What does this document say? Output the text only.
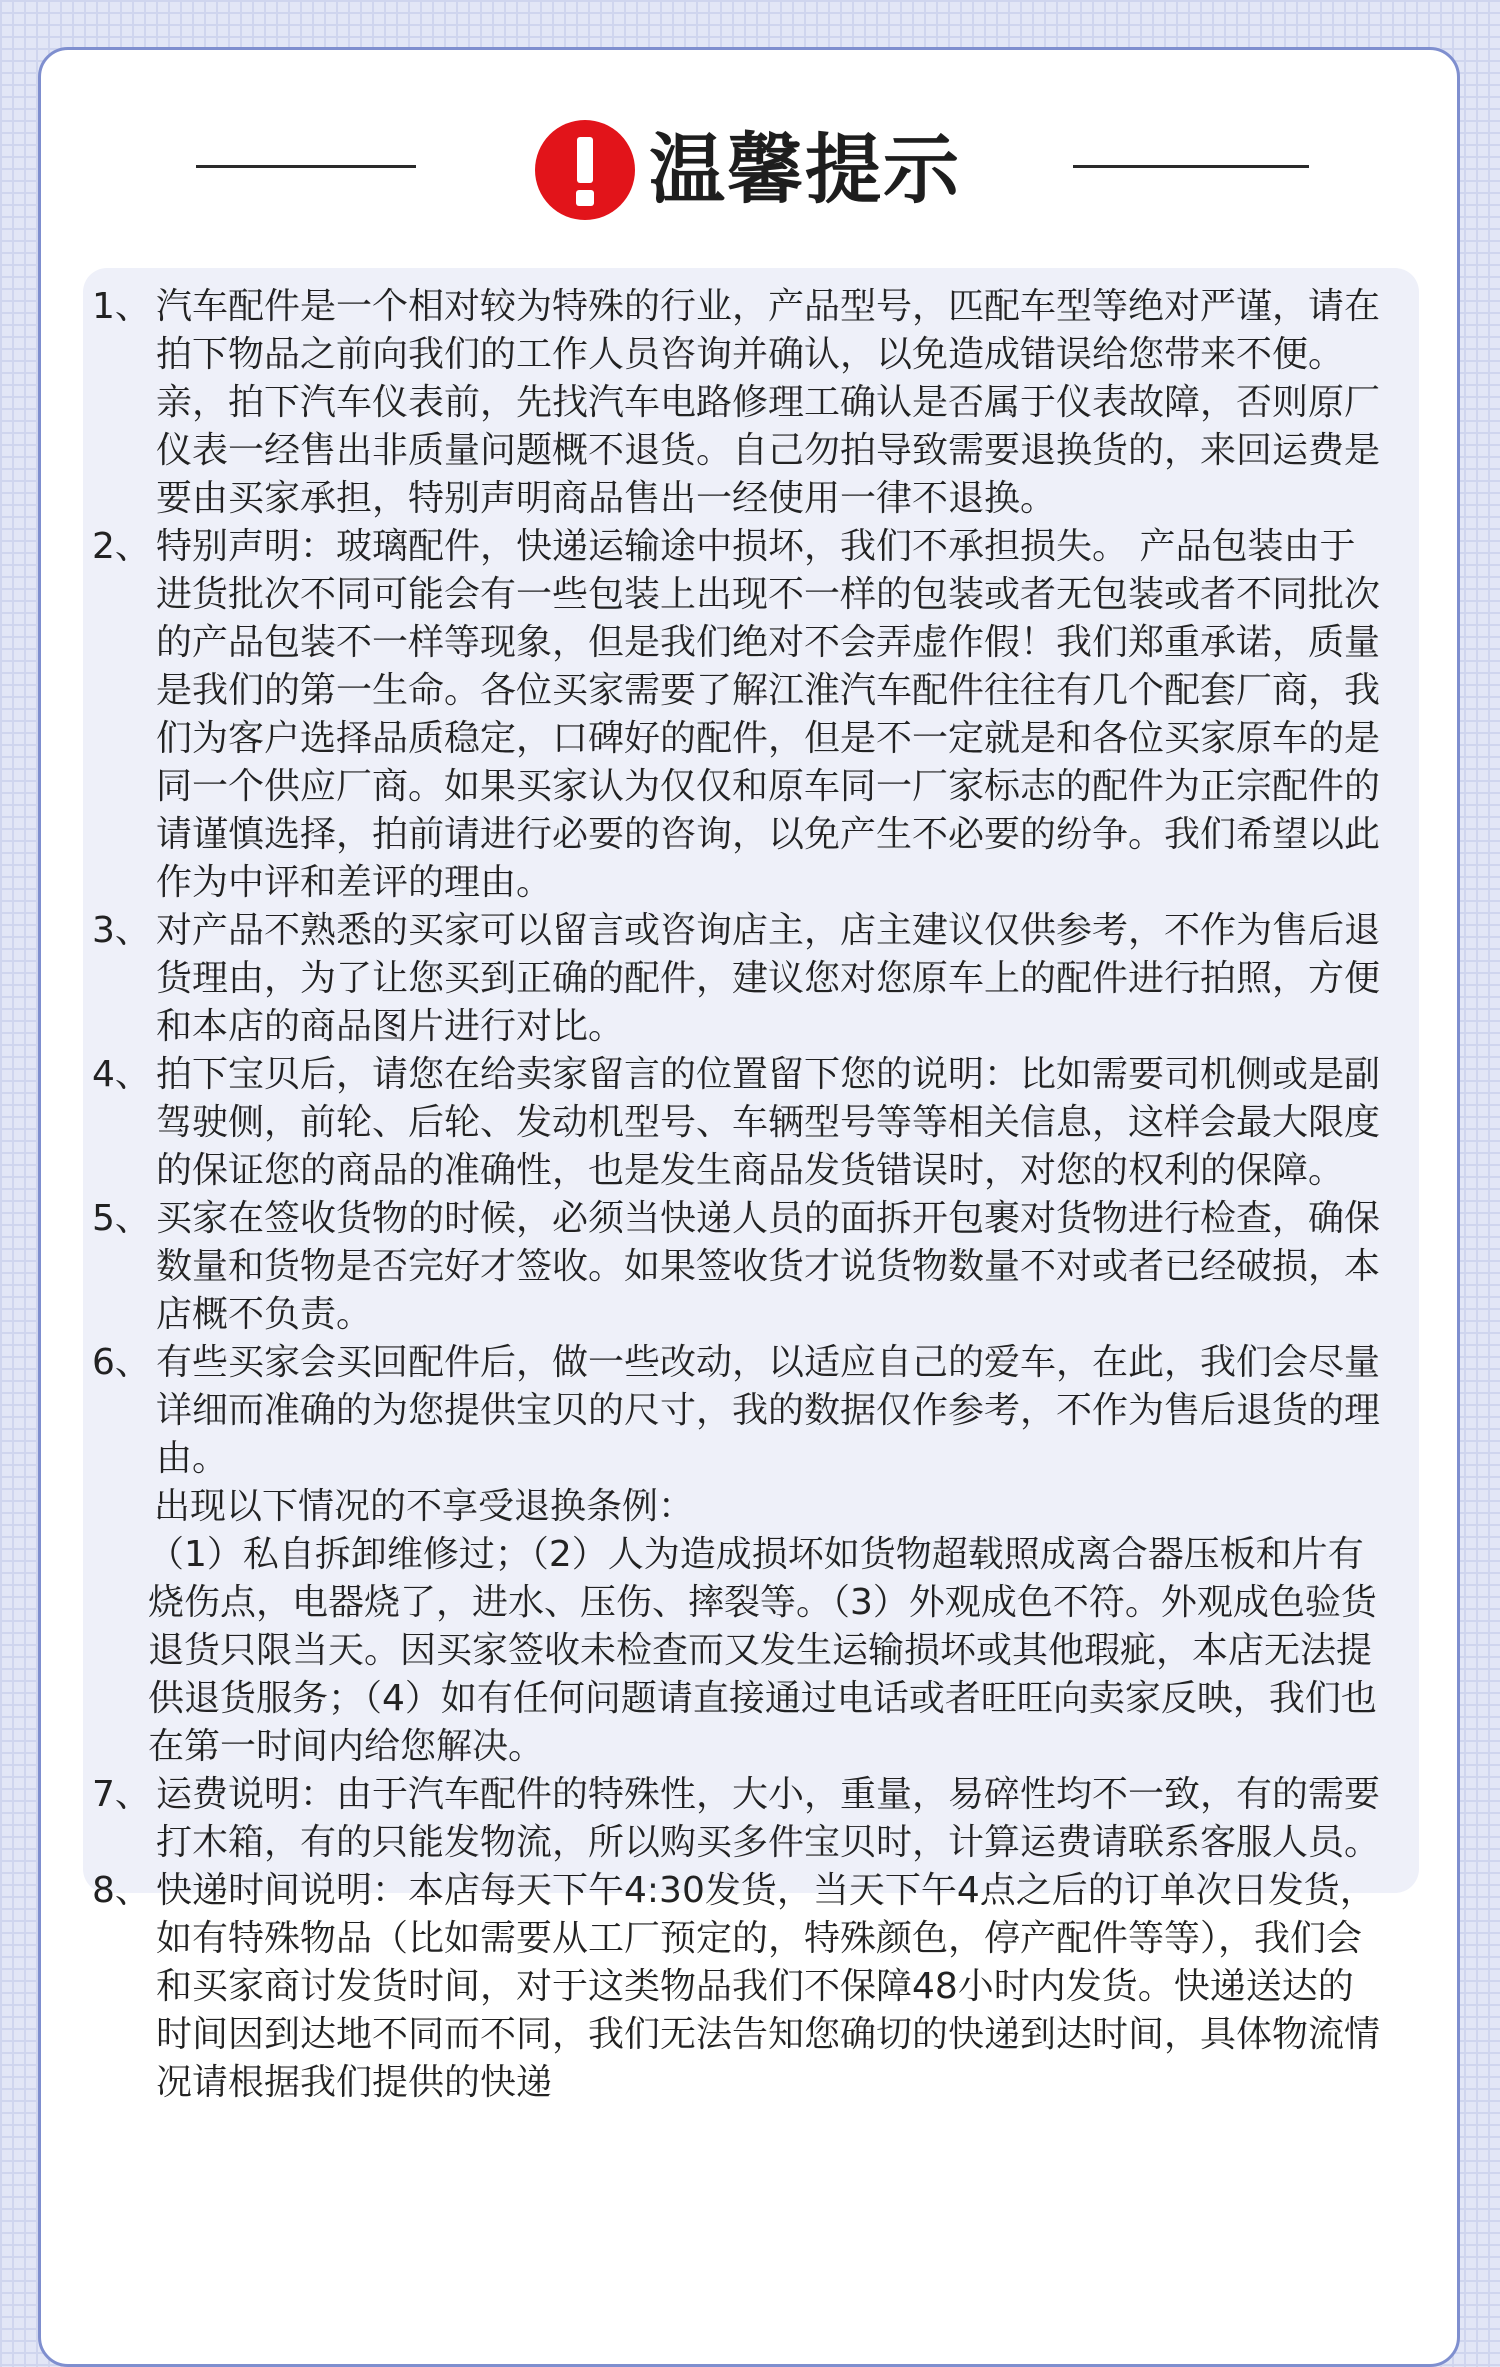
温馨提示
1、 汽车配件是一个相对较为特殊的行业，产品型号，匹配车型等绝对严谨，请在拍下物品之前向我们的工作人员咨询并确认，以免造成错误给您带来不便。亲，拍下汽车仪表前，先找汽车电路修理工确认是否属于仪表故障，否则原厂仪表一经售出非质量问题概不退货。自己勿拍导致需要退换货的，来回运费是要由买家承担，特别声明商品售出一经使用一律不退换。
2、 特别声明：玻璃配件，快递运输途中损坏，我们不承担损失。 产品包装由于进货批次不同可能会有一些包装上出现不一样的包装或者无包装或者不同批次的产品包装不一样等现象，但是我们绝对不会弄虚作假！我们郑重承诺，质量是我们的第一生命。各位买家需要了解江淮汽车配件往往有几个配套厂商，我们为客户选择品质稳定，口碑好的配件，但是不一定就是和各位买家原车的是同一个供应厂商。如果买家认为仅仅和原车同一厂家标志的配件为正宗配件的请谨慎选择，拍前请进行必要的咨询，以免产生不必要的纷争。我们希望以此作为中评和差评的理由。
3、 对产品不熟悉的买家可以留言或咨询店主，店主建议仅供参考，不作为售后退货理由，为了让您买到正确的配件，建议您对您原车上的配件进行拍照，方便和本店的商品图片进行对比。
4、 拍下宝贝后，请您在给卖家留言的位置留下您的说明：比如需要司机侧或是副驾驶侧，前轮、后轮、发动机型号、车辆型号等等相关信息，这样会最大限度的保证您的商品的准确性，也是发生商品发货错误时，对您的权利的保障。
5、 买家在签收货物的时候，必须当快递人员的面拆开包裹对货物进行检查，确保数量和货物是否完好才签收。如果签收货才说货物数量不对或者已经破损，本店概不负责。
6、 有些买家会买回配件后，做一些改动，以适应自己的爱车，在此，我们会尽量详细而准确的为您提供宝贝的尺寸，我的数据仅作参考，不作为售后退货的理由。
出现以下情况的不享受退换条例：
（1）私自拆卸维修过；（2）人为造成损坏如货物超载照成离合器压板和片有烧伤点，电器烧了，进水、压伤、摔裂等。（3）外观成色不符。外观成色验货退货只限当天。因买家签收未检查而又发生运输损坏或其他瑕疵，本店无法提供退货服务；（4）如有任何问题请直接通过电话或者旺旺向卖家反映，我们也在第一时间内给您解决。
7、 运费说明：由于汽车配件的特殊性，大小，重量，易碎性均不一致，有的需要打木箱，有的只能发物流，所以购买多件宝贝时，计算运费请联系客服人员。
8、 快递时间说明：本店每天下午4:30发货，当天下午4点之后的订单次日发货，如有特殊物品（比如需要从工厂预定的，特殊颜色，停产配件等等），我们会和买家商讨发货时间，对于这类物品我们不保障48小时内发货。快递送达的时间因到达地不同而不同，我们无法告知您确切的快递到达时间，具体物流情况请根据我们提供的快递
